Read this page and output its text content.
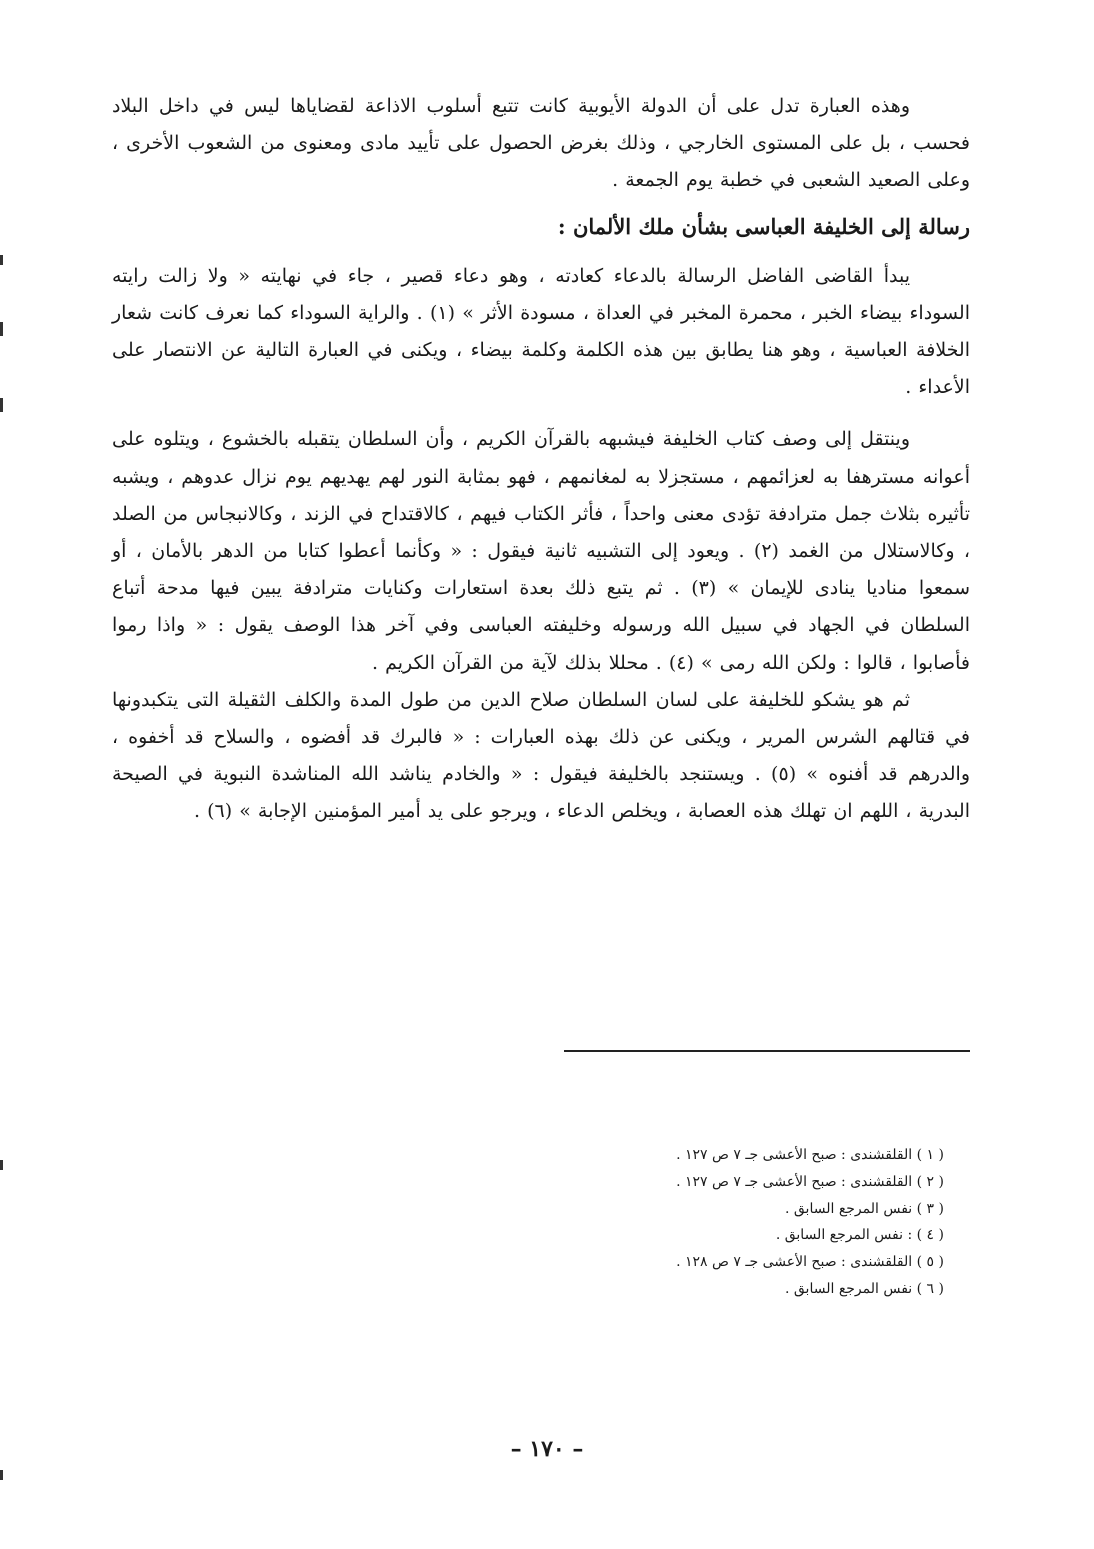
وهذه العبارة تدل على أن الدولة الأيوبية كانت تتبع أسلوب الاذاعة لقضاياها ليس في داخل البلاد فحسب ، بل على المستوى الخارجي ، وذلك بغرض الحصول على تأييد مادى ومعنوى من الشعوب الأخرى ، وعلى الصعيد الشعبى في خطبة يوم الجمعة .

رسالة إلى الخليفة العباسى بشأن ملك الألمان :

يبدأ القاضى الفاضل الرسالة بالدعاء كعادته ، وهو دعاء قصير ، جاء في نهايته « ولا زالت رايته السوداء بيضاء الخبر ، محمرة المخبر في العداة ، مسودة الأثر » (١) . والراية السوداء كما نعرف كانت شعار الخلافة العباسية ، وهو هنا يطابق بين هذه الكلمة وكلمة بيضاء ، ويكنى في العبارة التالية عن الانتصار على الأعداء .

وينتقل إلى وصف كتاب الخليفة فيشبهه بالقرآن الكريم ، وأن السلطان يتقبله بالخشوع ، ويتلوه على أعوانه مسترهفا به لعزائمهم ، مستجزلا به لمغانمهم ، فهو بمثابة النور لهم يهديهم يوم نزال عدوهم ، ويشبه تأثيره بثلاث جمل مترادفة تؤدى معنى واحداً ، فأثر الكتاب فيهم ، كالاقتداح في الزند ، وكالانبجاس من الصلد ، وكالاستلال من الغمد (٢) . ويعود إلى التشبيه ثانية فيقول : « وكأنما أعطوا كتابا من الدهر بالأمان ، أو سمعوا مناديا ينادى للإيمان » (٣) . ثم يتبع ذلك بعدة استعارات وكنايات مترادفة يبين فيها مدحة أتباع السلطان في الجهاد في سبيل الله ورسوله وخليفته العباسى وفي آخر هذا الوصف يقول : « واذا رموا فأصابوا ، قالوا : ولكن الله رمى » (٤) . محللا بذلك لآية من القرآن الكريم .

ثم هو يشكو للخليفة على لسان السلطان صلاح الدين من طول المدة والكلف الثقيلة التى يتكبدونها في قتالهم الشرس المرير ، ويكنى عن ذلك بهذه العبارات : « فالبرك قد أفضوه ، والسلاح قد أخفوه ، والدرهم قد أفنوه » (٥) . ويستنجد بالخليفة فيقول : « والخادم يناشد الله المناشدة النبوية في الصيحة البدرية ، اللهم ان تهلك هذه العصابة ، ويخلص الدعاء ، ويرجو على يد أمير المؤمنين الإجابة » (٦) .

( ١ ) القلقشندى : صبح الأعشى جـ ٧ ص ١٢٧ .
( ٢ ) القلقشندى : صبح الأعشى جـ ٧ ص ١٢٧ .
( ٣ ) نفس المرجع السابق .
( ٤ ) : نفس المرجع السابق .
( ٥ ) القلقشندى : صبح الأعشى جـ ٧ ص ١٢٨ .
( ٦ ) نفس المرجع السابق .
– ١٧٠ –
